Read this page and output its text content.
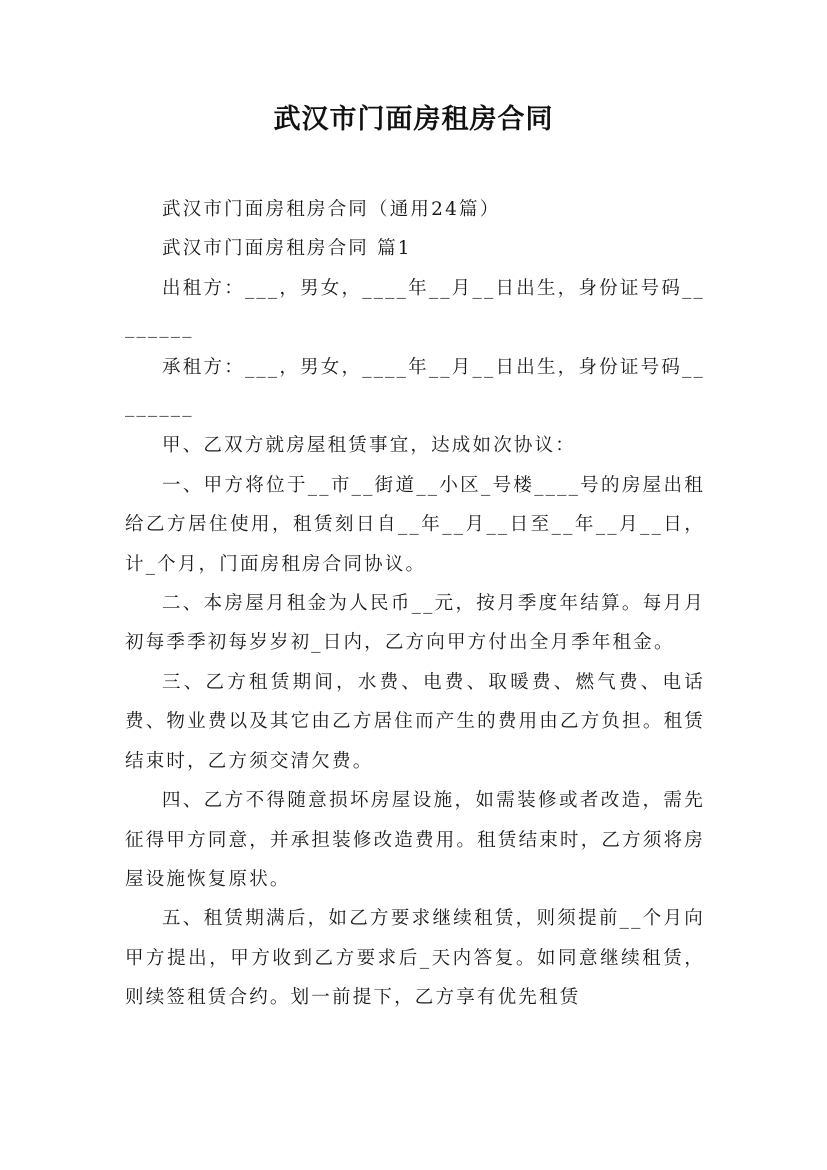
武汉市门面房租房合同

武汉市门面房租房合同（通用24篇）

武汉市门面房租房合同 篇1

出租方：___，男女，____年__月__日出生，身份证号码________

承租方：___，男女，____年__月__日出生，身份证号码________

甲、乙双方就房屋租赁事宜，达成如次协议：

一、甲方将位于__市__街道__小区_号楼____号的房屋出租给乙方居住使用，租赁刻日自__年__月__日至__年__月__日，计_个月，门面房租房合同协议。

二、本房屋月租金为人民币__元，按月季度年结算。每月月初每季季初每岁岁初_日内，乙方向甲方付出全月季年租金。

三、乙方租赁期间，水费、电费、取暖费、燃气费、电话费、物业费以及其它由乙方居住而产生的费用由乙方负担。租赁结束时，乙方须交清欠费。

四、乙方不得随意损坏房屋设施，如需装修或者改造，需先征得甲方同意，并承担装修改造费用。租赁结束时，乙方须将房屋设施恢复原状。

五、租赁期满后，如乙方要求继续租赁，则须提前__个月向甲方提出，甲方收到乙方要求后_天内答复。如同意继续租赁，则续签租赁合约。划一前提下，乙方享有优先租赁
